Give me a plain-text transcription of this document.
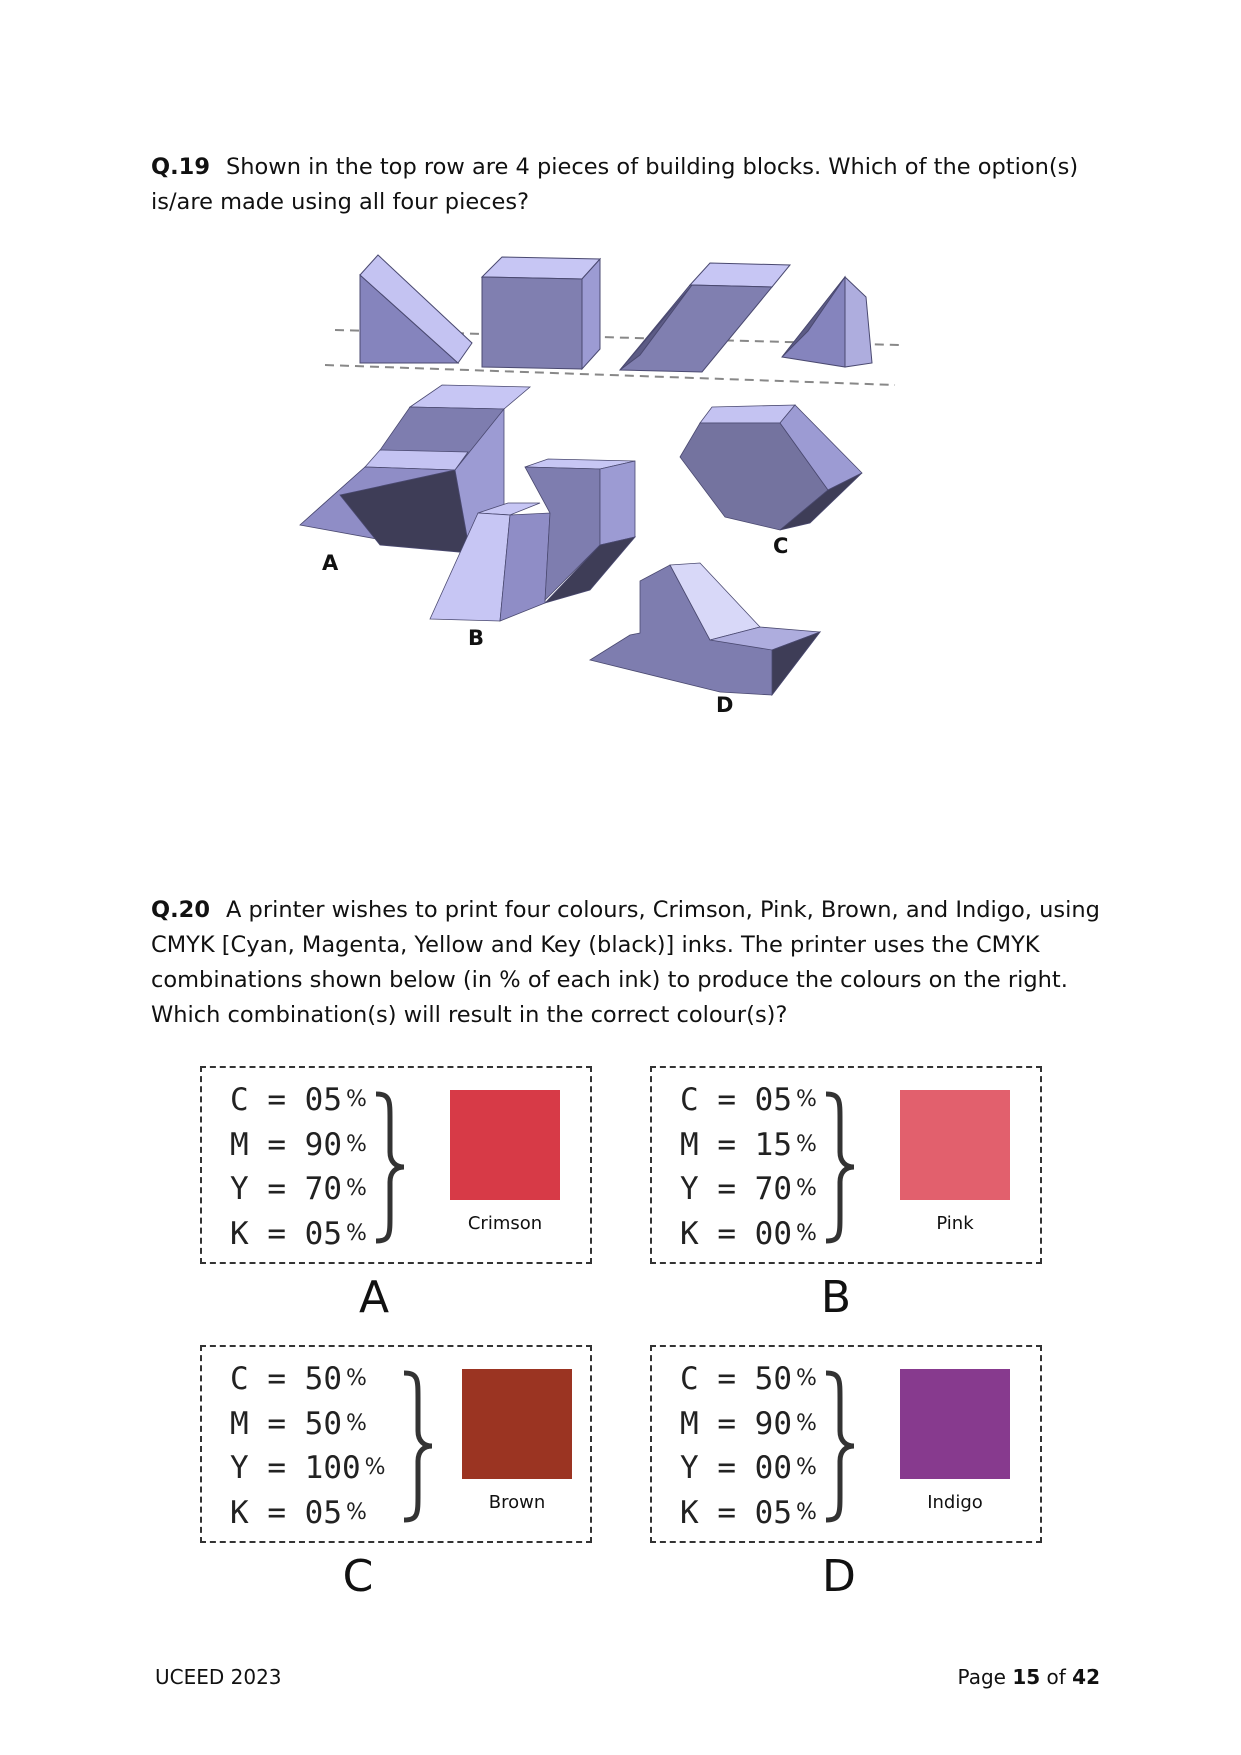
Q.19 Shown in the top row are 4 pieces of building blocks. Which of the option(s) is/are made using all four pieces?

A
B
C
D

Q.20 A printer wishes to print four colours, Crimson, Pink, Brown, and Indigo, using CMYK [Cyan, Magenta, Yellow and Key (black)] inks. The printer uses the CMYK combinations shown below (in % of each ink) to produce the colours on the right. Which combination(s) will result in the correct colour(s)?

C = 05 %
M = 90 %
Y = 70 %
K = 05 %	Crimson
A
C = 05 %
M = 15 %
Y = 70 %
K = 00 %	Pink
B
C = 50 %
M = 50 %
Y = 100 %
K = 05 %	Brown
C
C = 50 %
M = 90 %
Y = 00 %
K = 05 %	Indigo
D
UCEED 2023	Page 15 of 42
